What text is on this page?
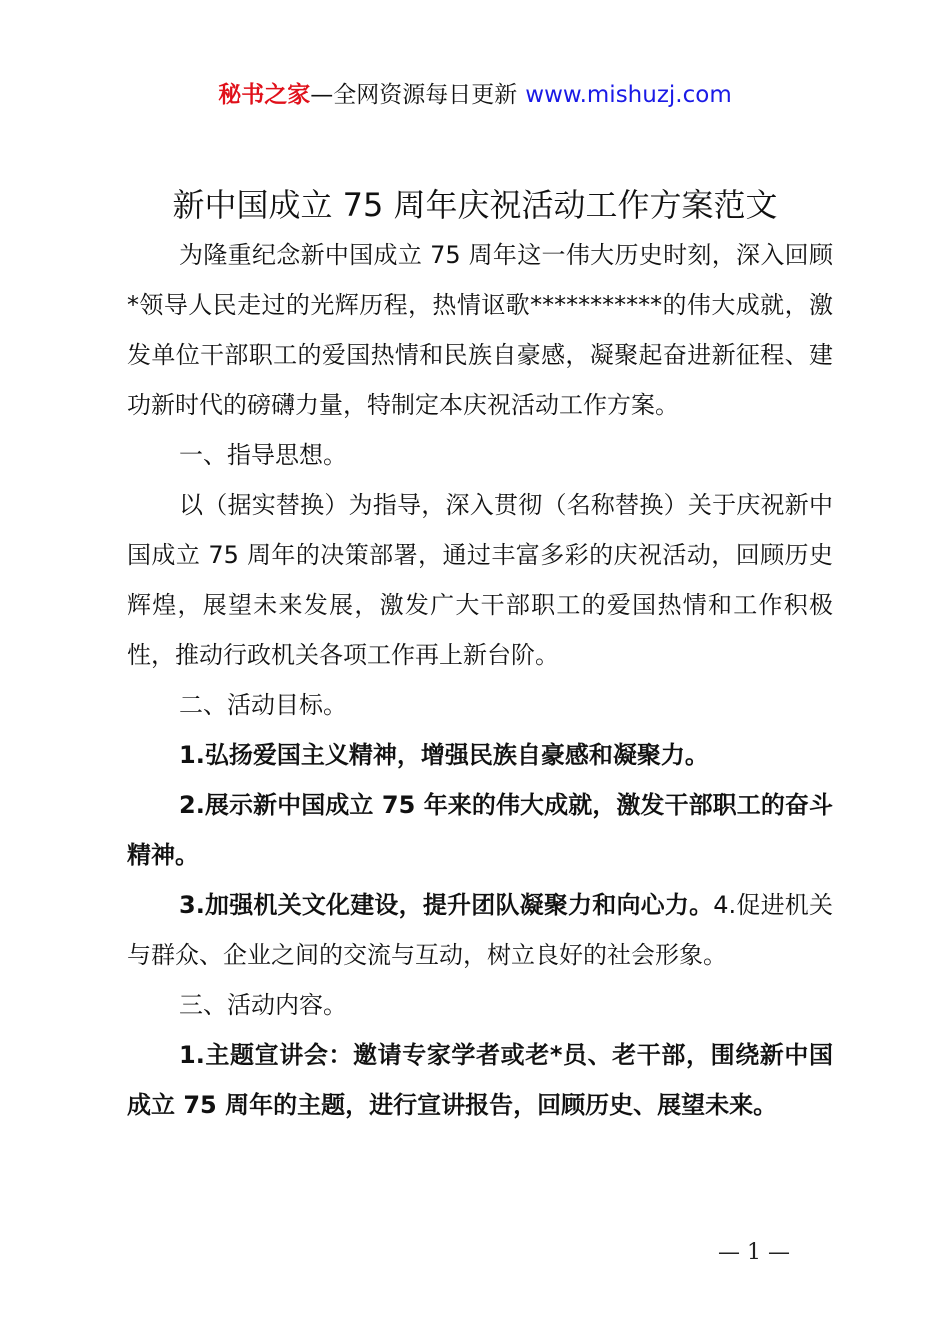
秘书之家—全网资源每日更新 www.mishuzj.com
新中国成立 75 周年庆祝活动工作方案范文

为隆重纪念新中国成立 75 周年这一伟大历史时刻，深入回顾*领导人民走过的光辉历程，热情讴歌***********的伟大成就，激发单位干部职工的爱国热情和民族自豪感，凝聚起奋进新征程、建功新时代的磅礴力量，特制定本庆祝活动工作方案。

一、指导思想。

以（据实替换）为指导，深入贯彻（名称替换）关于庆祝新中国成立 75 周年的决策部署，通过丰富多彩的庆祝活动，回顾历史辉煌，展望未来发展，激发广大干部职工的爱国热情和工作积极性，推动行政机关各项工作再上新台阶。

二、活动目标。

1.弘扬爱国主义精神，增强民族自豪感和凝聚力。

2.展示新中国成立 75 年来的伟大成就，激发干部职工的奋斗精神。

3.加强机关文化建设，提升团队凝聚力和向心力。4.促进机关与群众、企业之间的交流与互动，树立良好的社会形象。

三、活动内容。

1.主题宣讲会：邀请专家学者或老*员、老干部，围绕新中国成立 75 周年的主题，进行宣讲报告，回顾历史、展望未来。

— 1 —
